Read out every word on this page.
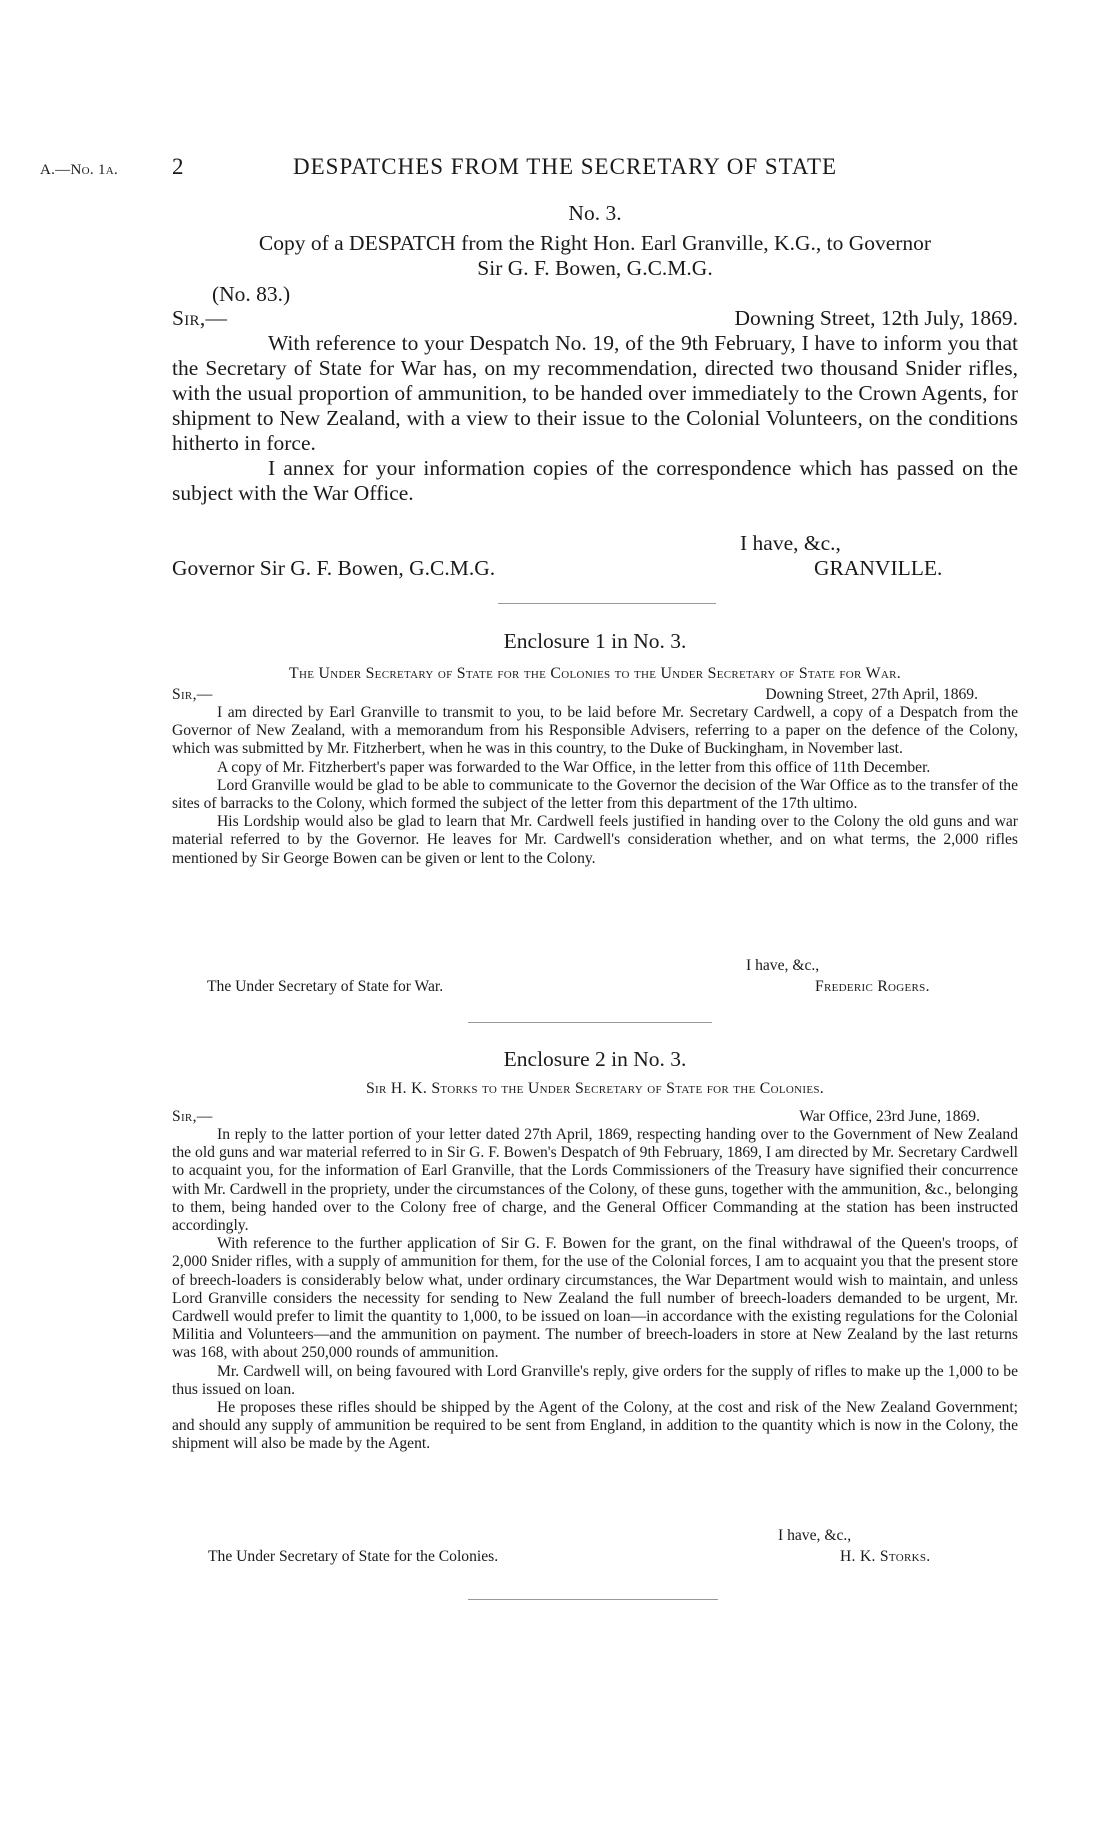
A.—No. 1a. 2	DESPATCHES FROM THE SECRETARY OF STATE
No. 3.
Copy of a DESPATCH from the Right Hon. Earl Granville, K.G., to Governor
Sir G. F. Bowen, G.C.M.G.
(No. 83.)
Sir,—	Downing Street, 12th July, 1869.

With reference to your Despatch No. 19, of the 9th February, I have to inform you that the Secretary of State for War has, on my recommendation, directed two thousand Snider rifles, with the usual proportion of ammunition, to be handed over immediately to the Crown Agents, for shipment to New Zealand, with a view to their issue to the Colonial Volunteers, on the conditions hitherto in force.

I annex for your information copies of the correspondence which has passed on the subject with the War Office.

I have, &c.,
Governor Sir G. F. Bowen, G.C.M.G.	GRANVILLE.
Enclosure 1 in No. 3.
The Under Secretary of State for the Colonies to the Under Secretary of State for War.
Sir,—	Downing Street, 27th April, 1869.

I am directed by Earl Granville to transmit to you, to be laid before Mr. Secretary Cardwell, a copy of a Despatch from the Governor of New Zealand, with a memorandum from his Responsible Advisers, referring to a paper on the defence of the Colony, which was submitted by Mr. Fitzherbert, when he was in this country, to the Duke of Buckingham, in November last.

A copy of Mr. Fitzherbert's paper was forwarded to the War Office, in the letter from this office of 11th December.

Lord Granville would be glad to be able to communicate to the Governor the decision of the War Office as to the transfer of the sites of barracks to the Colony, which formed the subject of the letter from this department of the 17th ultimo.

His Lordship would also be glad to learn that Mr. Cardwell feels justified in handing over to the Colony the old guns and war material referred to by the Governor. He leaves for Mr. Cardwell's consideration whether, and on what terms, the 2,000 rifles mentioned by Sir George Bowen can be given or lent to the Colony.

I have, &c.,
The Under Secretary of State for War.	Frederic Rogers.
Enclosure 2 in No. 3.
Sir H. K. Storks to the Under Secretary of State for the Colonies.
Sir,—	War Office, 23rd June, 1869.

In reply to the latter portion of your letter dated 27th April, 1869, respecting handing over to the Government of New Zealand the old guns and war material referred to in Sir G. F. Bowen's Despatch of 9th February, 1869, I am directed by Mr. Secretary Cardwell to acquaint you, for the information of Earl Granville, that the Lords Commissioners of the Treasury have signified their concurrence with Mr. Cardwell in the propriety, under the circumstances of the Colony, of these guns, together with the ammunition, &c., belonging to them, being handed over to the Colony free of charge, and the General Officer Commanding at the station has been instructed accordingly.

With reference to the further application of Sir G. F. Bowen for the grant, on the final withdrawal of the Queen's troops, of 2,000 Snider rifles, with a supply of ammunition for them, for the use of the Colonial forces, I am to acquaint you that the present store of breech-loaders is considerably below what, under ordinary circumstances, the War Department would wish to maintain, and unless Lord Granville considers the necessity for sending to New Zealand the full number of breech-loaders demanded to be urgent, Mr. Cardwell would prefer to limit the quantity to 1,000, to be issued on loan—in accordance with the existing regulations for the Colonial Militia and Volunteers—and the ammunition on payment. The number of breech-loaders in store at New Zealand by the last returns was 168, with about 250,000 rounds of ammunition.

Mr. Cardwell will, on being favoured with Lord Granville's reply, give orders for the supply of rifles to make up the 1,000 to be thus issued on loan.

He proposes these rifles should be shipped by the Agent of the Colony, at the cost and risk of the New Zealand Government; and should any supply of ammunition be required to be sent from England, in addition to the quantity which is now in the Colony, the shipment will also be made by the Agent.

I have, &c.,
The Under Secretary of State for the Colonies.	H. K. Storks.
